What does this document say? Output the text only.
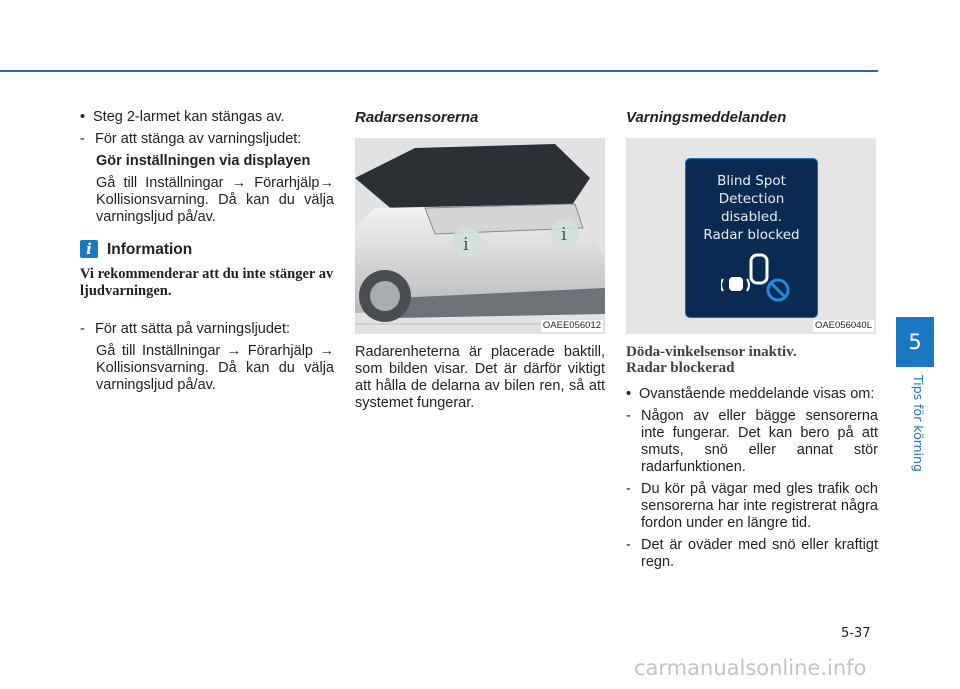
• Steg 2-larmet kan stängas av.

- För att stänga av varningsljudet:

Gör inställningen via displayen

Gå till Inställningar → Förarhjälp→ Kollisionsvarning. Då kan du välja varningsljud på/av.

i Information

Vi rekommenderar att du inte stänger av ljudvarningen.

- För att sätta på varningsljudet:

Gå till Inställningar → Förarhjälp → Kollisionsvarning. Då kan du välja varningsljud på/av.

Radarsensorerna

i	i
OAEE056012

Radarenheterna är placerade baktill, som bilden visar. Det är därför viktigt att hålla de delarna av bilen ren, så att systemet fungerar.

Varningsmeddelanden

Blind Spot
Detection
disabled.
Radar blocked
OAE056040L

Döda-vinkelsensor inaktiv.
Radar blockerad

• Ovanstående meddelande visas om:

- Någon av eller bägge sensorerna inte fungerar. Det kan bero på att smuts, snö eller annat stör radarfunktionen.

- Du kör på vägar med gles trafik och sensorerna har inte registrerat några fordon under en längre tid.

- Det är oväder med snö eller kraftigt regn.

5
Tips för körning
5-37
carmanualsonline.info
